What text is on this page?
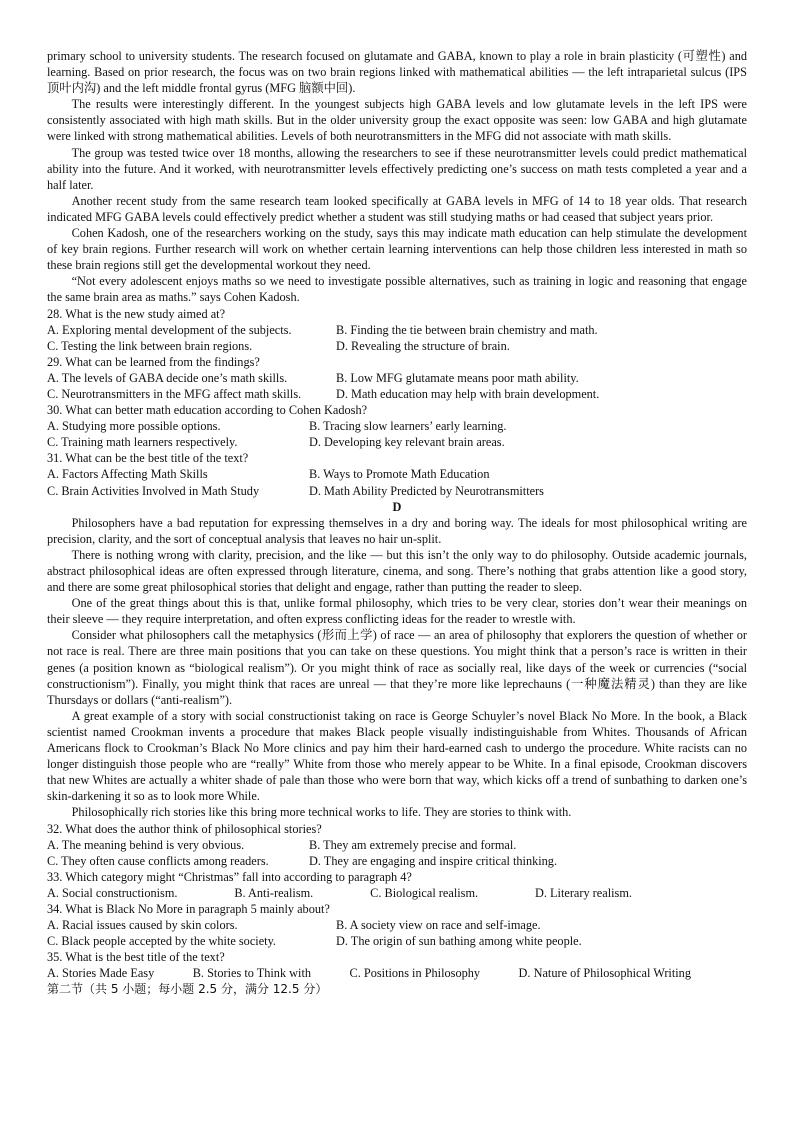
primary school to university students. The research focused on glutamate and GABA, known to play a role in brain plasticity (可塑性) and learning. Based on prior research, the focus was on two brain regions linked with mathematical abilities — the left intraparietal sulcus (IPS 顶叶内沟) and the left middle frontal gyrus (MFG 脑额中回).

The results were interestingly different. In the youngest subjects high GABA levels and low glutamate levels in the left IPS were consistently associated with high math skills. But in the older university group the exact opposite was seen: low GABA and high glutamate were linked with strong mathematical abilities. Levels of both neurotransmitters in the MFG did not associate with math skills.

The group was tested twice over 18 months, allowing the researchers to see if these neurotransmitter levels could predict mathematical ability into the future. And it worked, with neurotransmitter levels effectively predicting one’s success on math tests completed a year and a half later.

Another recent study from the same research team looked specifically at GABA levels in MFG of 14 to 18 year olds. That research indicated MFG GABA levels could effectively predict whether a student was still studying maths or had ceased that subject years prior.

Cohen Kadosh, one of the researchers working on the study, says this may indicate math education can help stimulate the development of key brain regions. Further research will work on whether certain learning interventions can help those children less interested in math so these brain regions still get the developmental workout they need.

“Not every adolescent enjoys maths so we need to investigate possible alternatives, such as training in logic and reasoning that engage the same brain area as maths.” says Cohen Kadosh.

28. What is the new study aimed at?
A. Exploring mental development of the subjects.	B. Finding the tie between brain chemistry and math.
C. Testing the link between brain regions.	D. Revealing the structure of brain.
29. What can be learned from the findings?
A. The levels of GABA decide one’s math skills.	B. Low MFG glutamate means poor math ability.
C. Neurotransmitters in the MFG affect math skills.	D. Math education may help with brain development.
30. What can better math education according to Cohen Kadosh?
A. Studying more possible options.	B. Tracing slow learners’ early learning.
C. Training math learners respectively.	D. Developing key relevant brain areas.
31. What can be the best title of the text?
A. Factors Affecting Math Skills	B. Ways to Promote Math Education
C. Brain Activities Involved in Math Study	D. Math Ability Predicted by Neurotransmitters
D

Philosophers have a bad reputation for expressing themselves in a dry and boring way. The ideals for most philosophical writing are precision, clarity, and the sort of conceptual analysis that leaves no hair un-split.

There is nothing wrong with clarity, precision, and the like — but this isn’t the only way to do philosophy. Outside academic journals, abstract philosophical ideas are often expressed through literature, cinema, and song. There’s nothing that grabs attention like a good story, and there are some great philosophical stories that delight and engage, rather than putting the reader to sleep.

One of the great things about this is that, unlike formal philosophy, which tries to be very clear, stories don’t wear their meanings on their sleeve — they require interpretation, and often express conflicting ideas for the reader to wrestle with.

Consider what philosophers call the metaphysics (形而上学) of race — an area of philosophy that explorers the question of whether or not race is real. There are three main positions that you can take on these questions. You might think that a person’s race is written in their genes (a position known as “biological realism”). Or you might think of race as socially real, like days of the week or currencies (“social constructionism”). Finally, you might think that races are unreal — that they’re more like leprechauns (一种魔法精灵) than they are like Thursdays or dollars (“anti-realism”).

A great example of a story with social constructionist taking on race is George Schuyler’s novel Black No More. In the book, a Black scientist named Crookman invents a procedure that makes Black people visually indistinguishable from Whites. Thousands of African Americans flock to Crookman’s Black No More clinics and pay him their hard-earned cash to undergo the procedure. White racists can no longer distinguish those people who are “really” White from those who merely appear to be White. In a final episode, Crookman discovers that new Whites are actually a whiter shade of pale than those who were born that way, which kicks off a trend of sunbathing to darken one’s skin-darkening it so as to look more While.

Philosophically rich stories like this bring more technical works to life. They are stories to think with.

32. What does the author think of philosophical stories?
A. The meaning behind is very obvious.	B. They am extremely precise and formal.
C. They often cause conflicts among readers.	D. They are engaging and inspire critical thinking.
33. Which category might “Christmas” fall into according to paragraph 4?
A. Social constructionism.	B. Anti-realism.	C. Biological realism.	D. Literary realism.
34. What is Black No More in paragraph 5 mainly about?
A. Racial issues caused by skin colors.	B. A society view on race and self-image.
C. Black people accepted by the white society.	D. The origin of sun bathing among white people.
35. What is the best title of the text?
A. Stories Made Easy	B. Stories to Think with	C. Positions in Philosophy	D. Nature of Philosophical Writing
第二节（共 5 小题；每小题 2.5 分，满分 12.5 分）
